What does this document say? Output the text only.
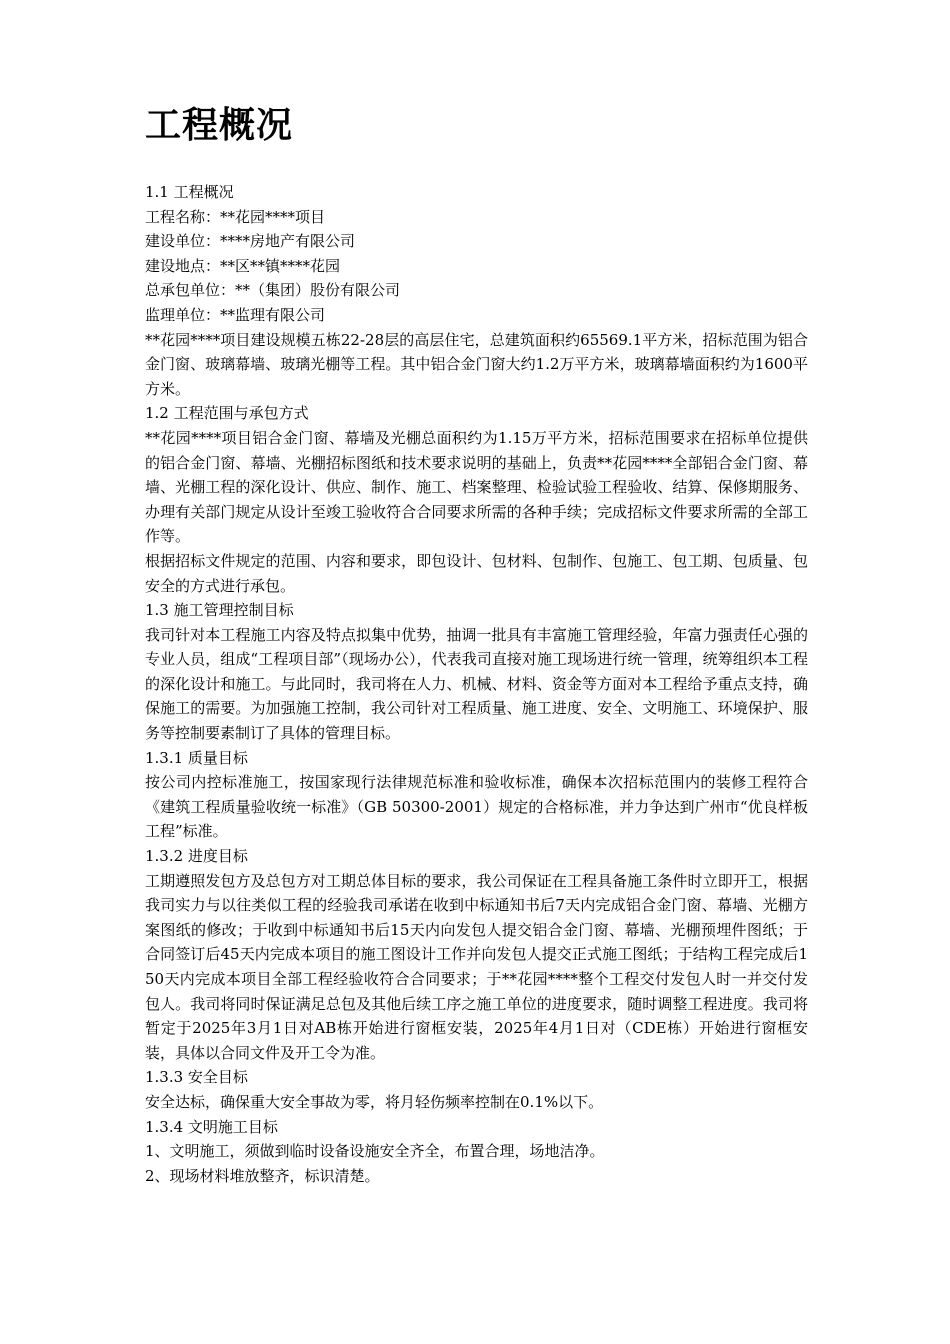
工程概况

1.1 工程概况

工程名称：**花园****项目

建设单位：****房地产有限公司

建设地点：**区**镇****花园

总承包单位：**（集团）股份有限公司

监理单位：**监理有限公司

**花园****项目建设规模五栋22-28层的高层住宅，总建筑面积约65569.1平方米，招标范围为铝合金门窗、玻璃幕墙、玻璃光棚等工程。其中铝合金门窗大约1.2万平方米，玻璃幕墙面积约为1600平方米。

1.2 工程范围与承包方式

**花园****项目铝合金门窗、幕墙及光棚总面积约为1.15万平方米，招标范围要求在招标单位提供的铝合金门窗、幕墙、光棚招标图纸和技术要求说明的基础上，负责**花园****全部铝合金门窗、幕墙、光棚工程的深化设计、供应、制作、施工、档案整理、检验试验工程验收、结算、保修期服务、办理有关部门规定从设计至竣工验收符合合同要求所需的各种手续；完成招标文件要求所需的全部工作等。

根据招标文件规定的范围、内容和要求，即包设计、包材料、包制作、包施工、包工期、包质量、包安全的方式进行承包。

1.3 施工管理控制目标

我司针对本工程施工内容及特点拟集中优势，抽调一批具有丰富施工管理经验，年富力强责任心强的专业人员，组成“工程项目部”（现场办公），代表我司直接对施工现场进行统一管理，统筹组织本工程的深化设计和施工。与此同时，我司将在人力、机械、材料、资金等方面对本工程给予重点支持，确保施工的需要。为加强施工控制，我公司针对工程质量、施工进度、安全、文明施工、环境保护、服务等控制要素制订了具体的管理目标。

1.3.1 质量目标

按公司内控标准施工，按国家现行法律规范标准和验收标准，确保本次招标范围内的装修工程符合《建筑工程质量验收统一标准》（GB 50300-2001）规定的合格标准，并力争达到广州市“优良样板工程”标准。

1.3.2 进度目标

工期遵照发包方及总包方对工期总体目标的要求，我公司保证在工程具备施工条件时立即开工，根据我司实力与以往类似工程的经验我司承诺在收到中标通知书后7天内完成铝合金门窗、幕墙、光棚方案图纸的修改；于收到中标通知书后15天内向发包人提交铝合金门窗、幕墙、光棚预埋件图纸；于合同签订后45天内完成本项目的施工图设计工作并向发包人提交正式施工图纸；于结构工程完成后150天内完成本项目全部工程经验收符合合同要求；于**花园****整个工程交付发包人时一并交付发包人。我司将同时保证满足总包及其他后续工序之施工单位的进度要求，随时调整工程进度。我司将暂定于2025年3月1日对AB栋开始进行窗框安装，2025年4月1日对（CDE栋）开始进行窗框安装，具体以合同文件及开工令为准。

1.3.3 安全目标

安全达标，确保重大安全事故为零，将月轻伤频率控制在0.1%以下。

1.3.4 文明施工目标

1、文明施工，须做到临时设备设施安全齐全，布置合理，场地洁净。

2、现场材料堆放整齐，标识清楚。
